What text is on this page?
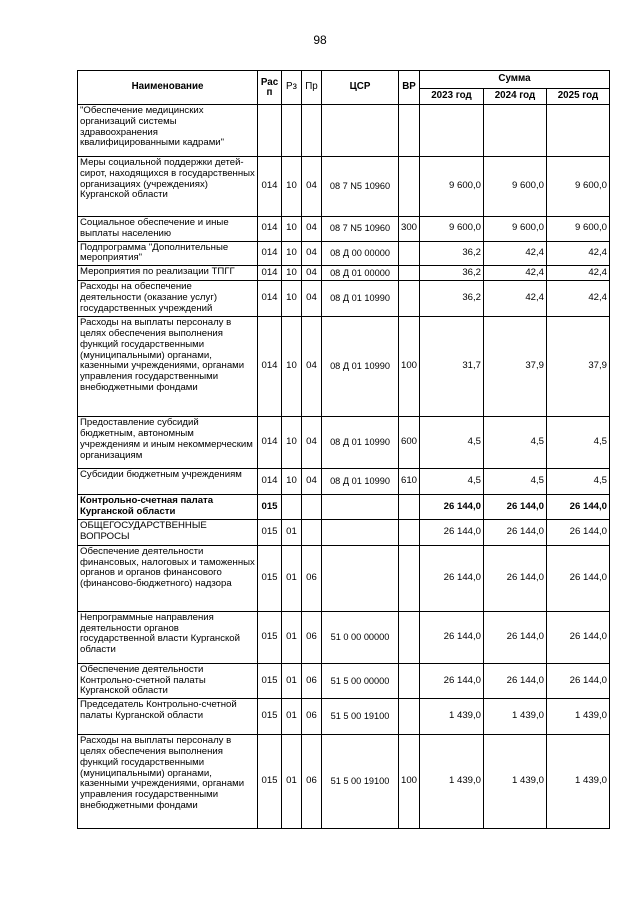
98
Наименование	Рас п	Рз	Пр	ЦСР	ВР	Сумма		
						2023 год	2024 год	2025 год
"Обеспечение медицинских организаций системы здравоохранения квалифицированными кадрами"								
Меры социальной поддержки детей-сирот, находящихся в государственных организациях (учреждениях) Курганской области	014	10	04	08 7 N5 10960		9 600,0	9 600,0	9 600,0
Социальное обеспечение и иные выплаты населению	014	10	04	08 7 N5 10960	300	9 600,0	9 600,0	9 600,0
Подпрограмма "Дополнительные мероприятия"	014	10	04	08 Д 00 00000		36,2	42,4	42,4
Мероприятия по реализации ТПГГ	014	10	04	08 Д 01 00000		36,2	42,4	42,4
Расходы на обеспечение деятельности (оказание услуг) государственных учреждений	014	10	04	08 Д 01 10990		36,2	42,4	42,4
Расходы на выплаты персоналу в целях обеспечения выполнения функций государственными (муниципальными) органами, казенными учреждениями, органами управления государственными внебюджетными фондами	014	10	04	08 Д 01 10990	100	31,7	37,9	37,9
Предоставление субсидий бюджетным, автономным учреждениям и иным некоммерческим организациям	014	10	04	08 Д 01 10990	600	4,5	4,5	4,5
Субсидии бюджетным учреждениям	014	10	04	08 Д 01 10990	610	4,5	4,5	4,5
Контрольно-счетная палата Курганской области	015					26 144,0	26 144,0	26 144,0
ОБЩЕГОСУДАРСТВЕННЫЕ ВОПРОСЫ	015	01				26 144,0	26 144,0	26 144,0
Обеспечение деятельности финансовых, налоговых и таможенных органов и органов финансового (финансово-бюджетного) надзора	015	01	06			26 144,0	26 144,0	26 144,0
Непрограммные направления деятельности органов государственной власти Курганской области	015	01	06	51 0 00 00000		26 144,0	26 144,0	26 144,0
Обеспечение деятельности Контрольно-счетной палаты Курганской области	015	01	06	51 5 00 00000		26 144,0	26 144,0	26 144,0
Председатель Контрольно-счетной палаты Курганской области	015	01	06	51 5 00 19100		1 439,0	1 439,0	1 439,0
Расходы на выплаты персоналу в целях обеспечения выполнения функций государственными (муниципальными) органами, казенными учреждениями, органами управления государственными внебюджетными фондами	015	01	06	51 5 00 19100	100	1 439,0	1 439,0	1 439,0
